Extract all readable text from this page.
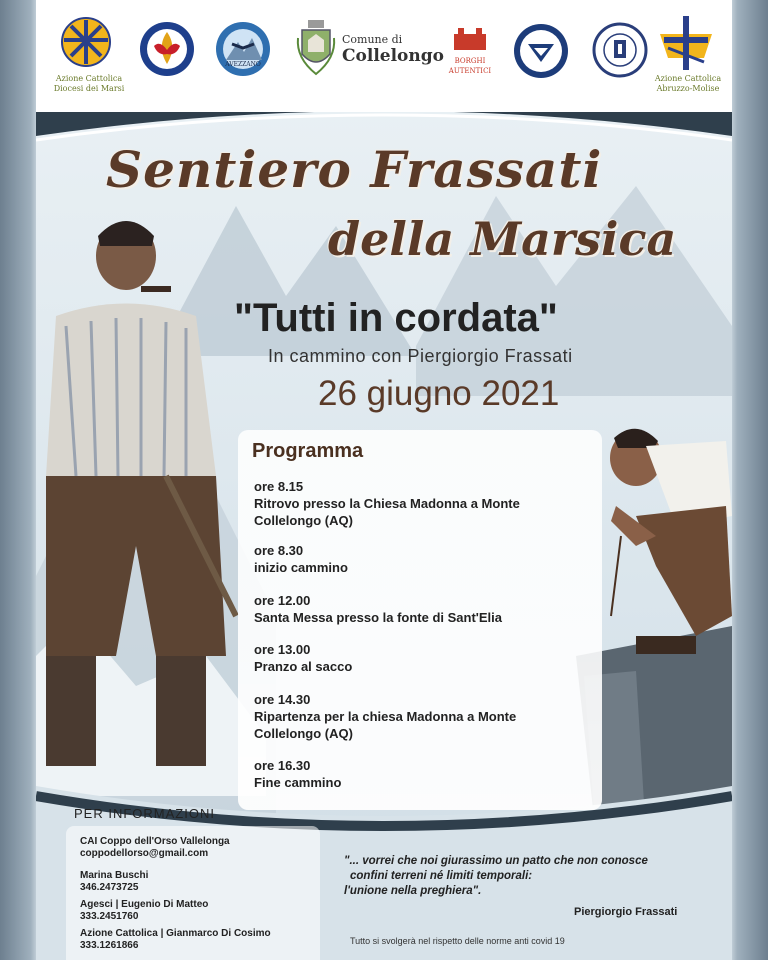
Azione Cattolica
Diocesi dei Marsi
AVEZZANO
Comune di
Collelongo	BORGHI AUTENTICI
Azione Cattolica
Abruzzo-Molise
Sentiero Frassati
della Marsica
"Tutti in cordata"
In cammino con Piergiorgio Frassati
26 giugno 2021
Programma
ore 8.15
Ritrovo presso la Chiesa Madonna a Monte
Collelongo (AQ)
ore 8.30
inizio cammino
ore 12.00
Santa Messa presso la fonte di Sant'Elia
ore 13.00
Pranzo al sacco
ore 14.30
Ripartenza per la chiesa Madonna a Monte
Collelongo (AQ)
ore 16.30
Fine cammino
PER INFORMAZIONI
CAI Coppo dell'Orso Vallelonga
coppodellorso@gmail.com
Marina Buschi
346.2473725
Agesci | Eugenio Di Matteo
333.2451760
Azione Cattolica | Gianmarco Di Cosimo
333.1261866
"... vorrei che noi giurassimo un patto che non conosce
confini terreni né limiti temporali:
l'unione nella preghiera".
Piergiorgio Frassati
Tutto si svolgerà nel rispetto delle norme anti covid 19
